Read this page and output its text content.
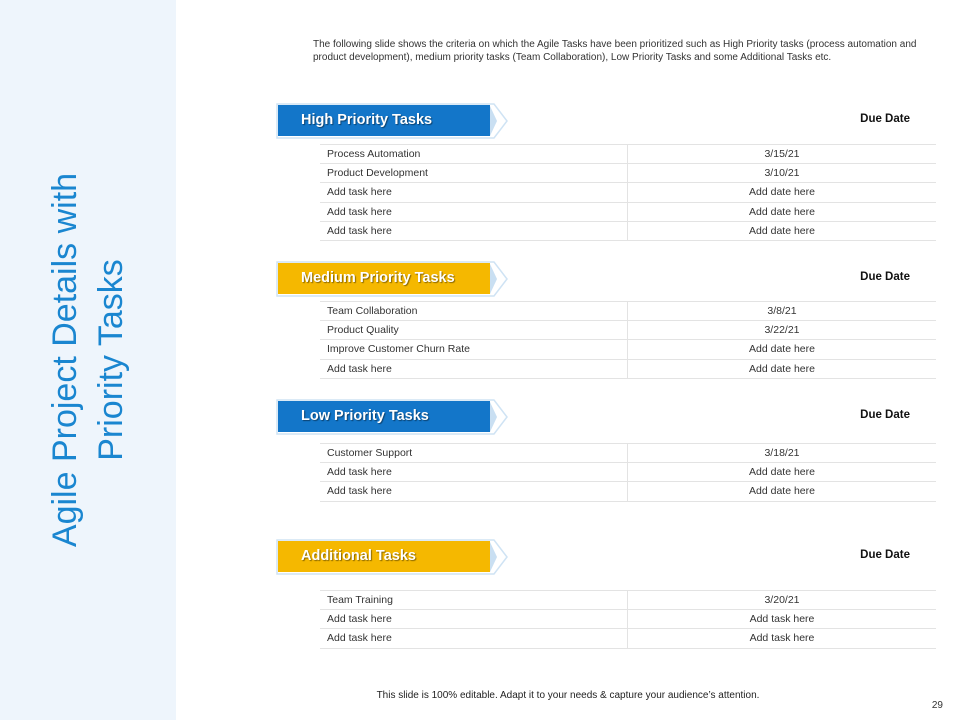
Agile Project Details with Priority Tasks
The following slide shows the criteria on which the Agile Tasks have been prioritized such as High Priority tasks (process automation and product development), medium priority tasks (Team Collaboration), Low Priority Tasks and some Additional Tasks etc.
High Priority Tasks	Due Date
Process Automation	3/15/21
Product Development	3/10/21
Add task here	Add date here
Add task here	Add date here
Add task here	Add date here
Medium Priority Tasks	Due Date
Team Collaboration	3/8/21
Product Quality	3/22/21
Improve Customer Churn Rate	Add date here
Add task here	Add date here
Low Priority Tasks	Due Date
Customer Support	3/18/21
Add task here	Add date here
Add task here	Add date here
Additional Tasks	Due Date
Team Training	3/20/21
Add task here	Add task here
Add task here	Add task here
This slide is 100% editable. Adapt it to your needs & capture your audience’s attention.
29
